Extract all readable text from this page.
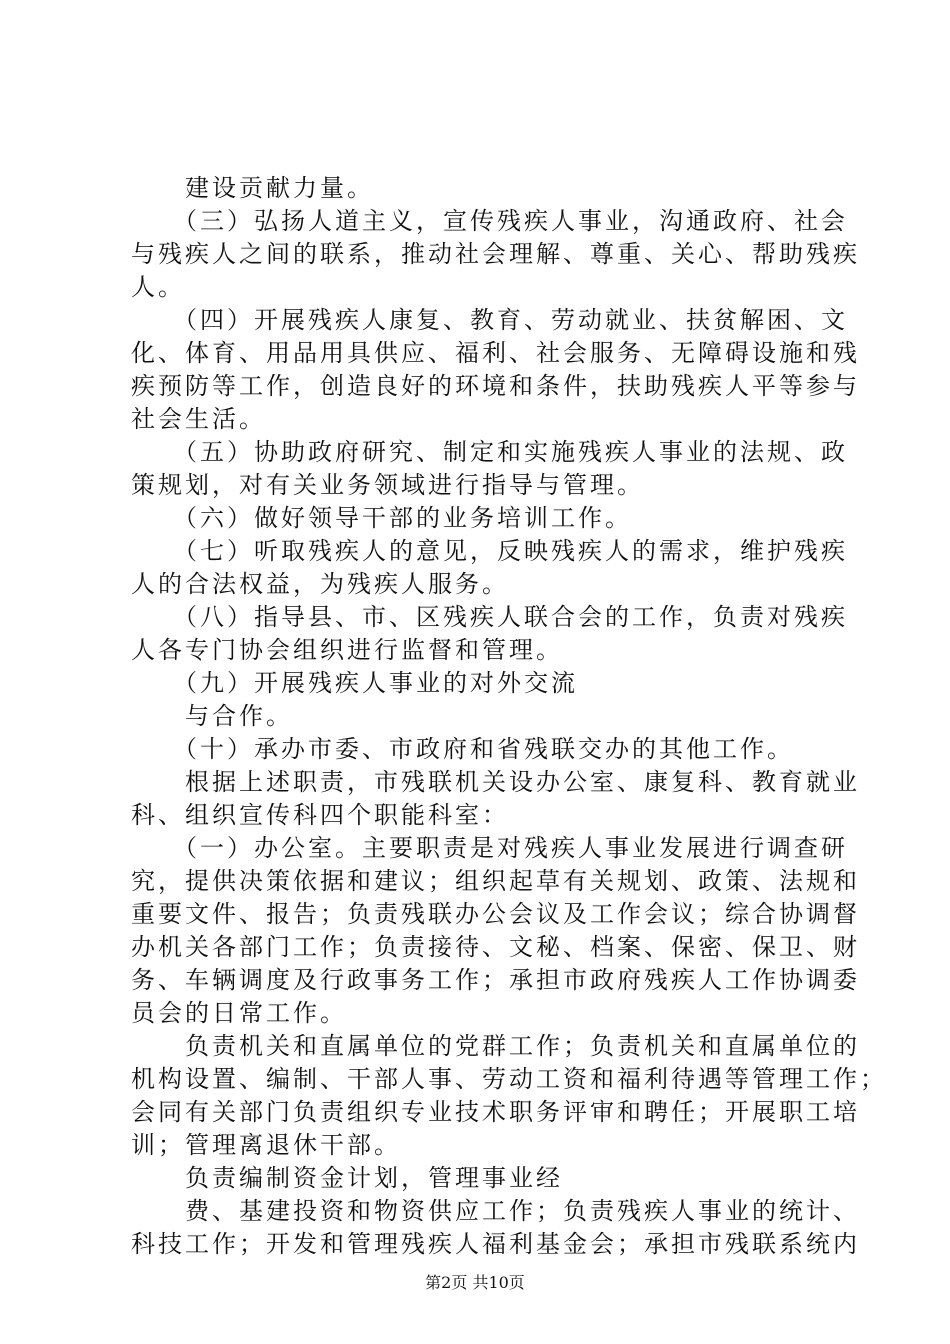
　　建设贡献力量。
　　（三）弘扬人道主义，宣传残疾人事业，沟通政府、社会
与残疾人之间的联系，推动社会理解、尊重、关心、帮助残疾
人。
　　（四）开展残疾人康复、教育、劳动就业、扶贫解困、文
化、体育、用品用具供应、福利、社会服务、无障碍设施和残
疾预防等工作，创造良好的环境和条件，扶助残疾人平等参与
社会生活。
　　（五）协助政府研究、制定和实施残疾人事业的法规、政
策规划，对有关业务领域进行指导与管理。
　　（六）做好领导干部的业务培训工作。
　　（七）听取残疾人的意见，反映残疾人的需求，维护残疾
人的合法权益，为残疾人服务。
　　（八）指导县、市、区残疾人联合会的工作，负责对残疾
人各专门协会组织进行监督和管理。
　　（九）开展残疾人事业的对外交流
　　与合作。
　　（十）承办市委、市政府和省残联交办的其他工作。
　　根据上述职责，市残联机关设办公室、康复科、教育就业
科、组织宣传科四个职能科室：
　　（一）办公室。主要职责是对残疾人事业发展进行调查研
究，提供决策依据和建议；组织起草有关规划、政策、法规和
重要文件、报告；负责残联办公会议及工作会议；综合协调督
办机关各部门工作；负责接待、文秘、档案、保密、保卫、财
务、车辆调度及行政事务工作；承担市政府残疾人工作协调委
员会的日常工作。
　　负责机关和直属单位的党群工作；负责机关和直属单位的
机构设置、编制、干部人事、劳动工资和福利待遇等管理工作；
会同有关部门负责组织专业技术职务评审和聘任；开展职工培
训；管理离退休干部。
　　负责编制资金计划，管理事业经
　　费、基建投资和物资供应工作；负责残疾人事业的统计、
科技工作；开发和管理残疾人福利基金会；承担市残联系统内
第2页 共10页
